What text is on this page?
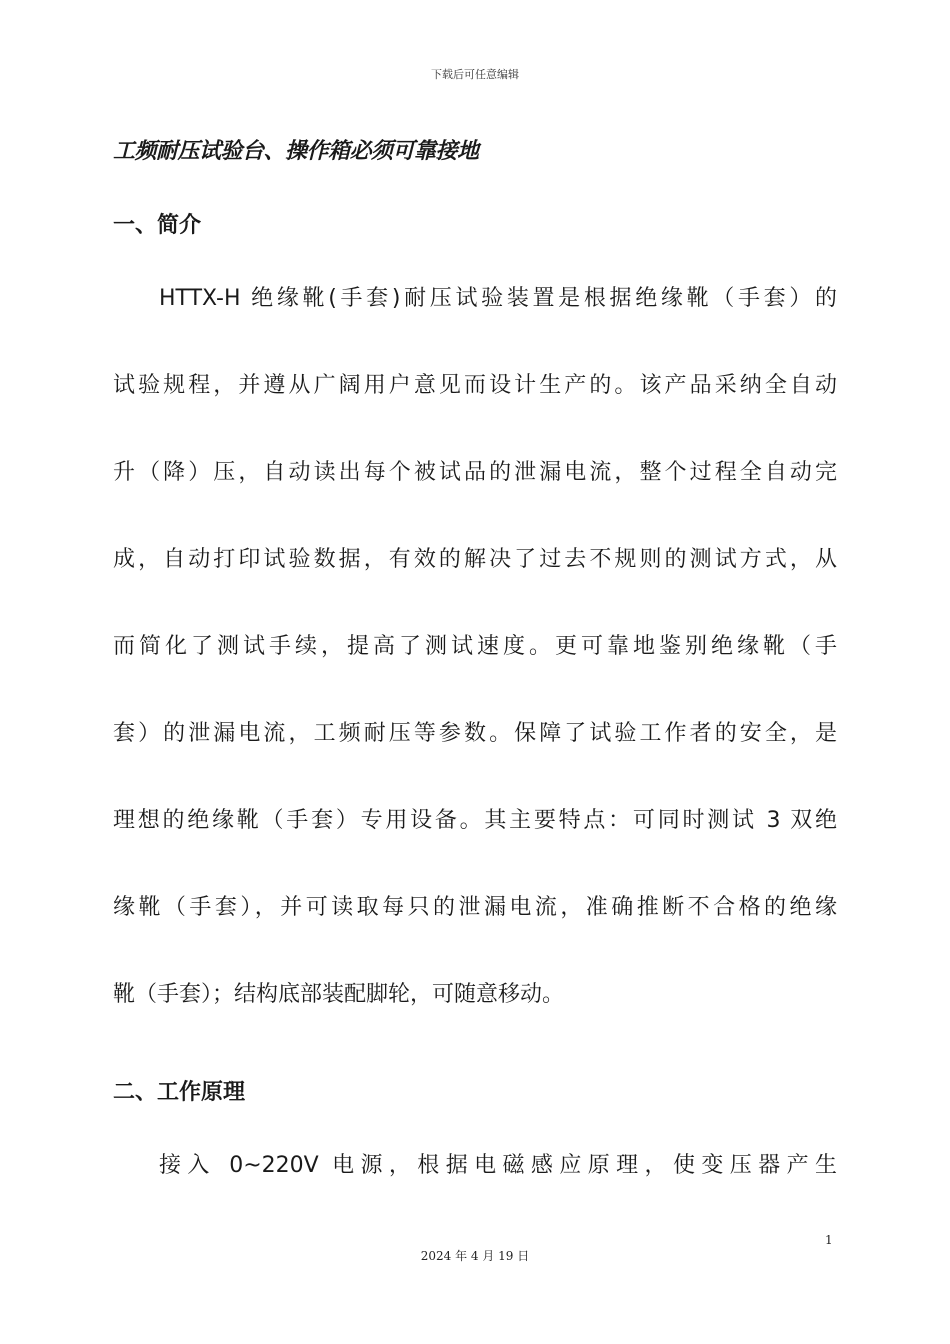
下载后可任意编辑
工频耐压试验台、操作箱必须可靠接地
一、简介
HTTX-H 绝缘靴(手套)耐压试验装置是根据绝缘靴（手套）的
试验规程，并遵从广阔用户意见而设计生产的。该产品采纳全自动
升（降）压，自动读出每个被试品的泄漏电流，整个过程全自动完
成，自动打印试验数据，有效的解决了过去不规则的测试方式，从
而简化了测试手续，提高了测试速度。更可靠地鉴别绝缘靴（手
套）的泄漏电流，工频耐压等参数。保障了试验工作者的安全，是
理想的绝缘靴（手套）专用设备。其主要特点：可同时测试 3 双绝
缘靴（手套），并可读取每只的泄漏电流，准确推断不合格的绝缘
靴（手套）；结构底部装配脚轮，可随意移动。
二、工作原理
接入 0~220V 电源，根据电磁感应原理，使变压器产生
1
2024 年 4 月 19 日
